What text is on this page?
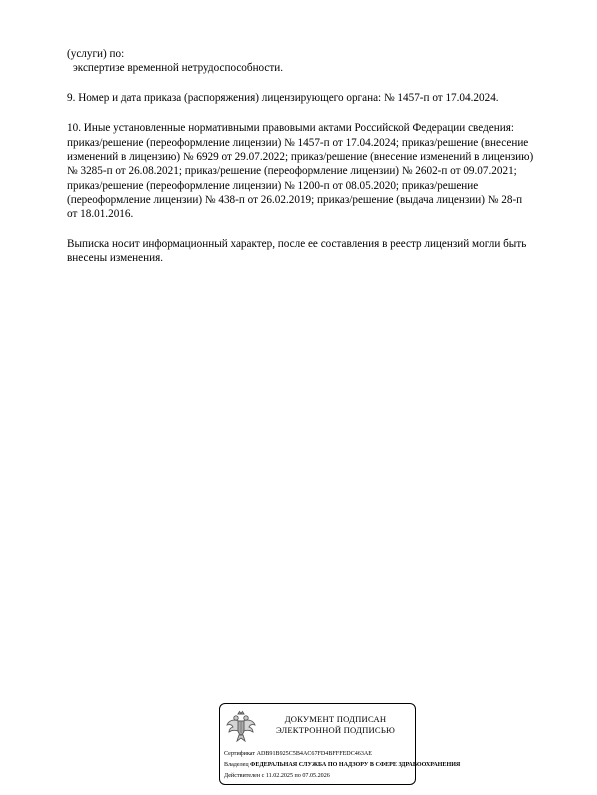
(услуги) по:
экспертизе временной нетрудоспособности.
9. Номер и дата приказа (распоряжения) лицензирующего органа: № 1457-п от 17.04.2024.
10. Иные установленные нормативными правовыми актами Российской Федерации сведения:
приказ/решение (переоформление лицензии) № 1457-п от 17.04.2024; приказ/решение (внесение
изменений в лицензию) № 6929 от 29.07.2022; приказ/решение (внесение изменений в лицензию)
№ 3285-п от 26.08.2021; приказ/решение (переоформление лицензии) № 2602-п от 09.07.2021;
приказ/решение (переоформление лицензии) № 1200-п от 08.05.2020; приказ/решение
(переоформление лицензии) № 438-п от 26.02.2019; приказ/решение (выдача лицензии) № 28-п
от 18.01.2016.
Выписка носит информационный характер, после ее составления в реестр лицензий могли быть
внесены изменения.
ДОКУМЕНТ ПОДПИСАН
ЭЛЕКТРОННОЙ ПОДПИСЬЮ
Сертификат ADB91B925C5B4AC67FD4BFFFEDC463AE
Владелец ФЕДЕРАЛЬНАЯ СЛУЖБА ПО НАДЗОРУ В СФЕРЕ ЗДРАВООХРАНЕНИЯ
Действителен с 11.02.2025 по 07.05.2026
